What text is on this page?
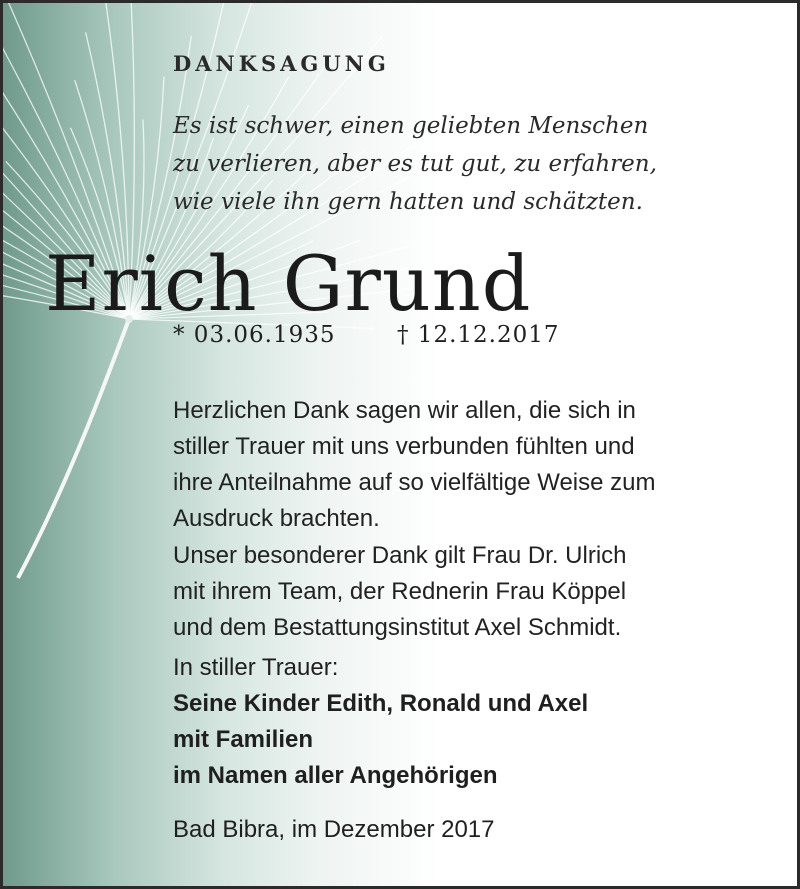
DANKSAGUNG
Es ist schwer, einen geliebten Menschen
zu verlieren, aber es tut gut, zu erfahren,
wie viele ihn gern hatten und schätzten.
Erich Grund
* 03.06.1935	† 12.12.2017
Herzlichen Dank sagen wir allen, die sich in
stiller Trauer mit uns verbunden fühlten und
ihre Anteilnahme auf so vielfältige Weise zum
Ausdruck brachten.
Unser besonderer Dank gilt Frau Dr. Ulrich
mit ihrem Team, der Rednerin Frau Köppel
und dem Bestattungsinstitut Axel Schmidt.
In stiller Trauer:
Seine Kinder Edith, Ronald und Axel
mit Familien
im Namen aller Angehörigen
Bad Bibra, im Dezember 2017
